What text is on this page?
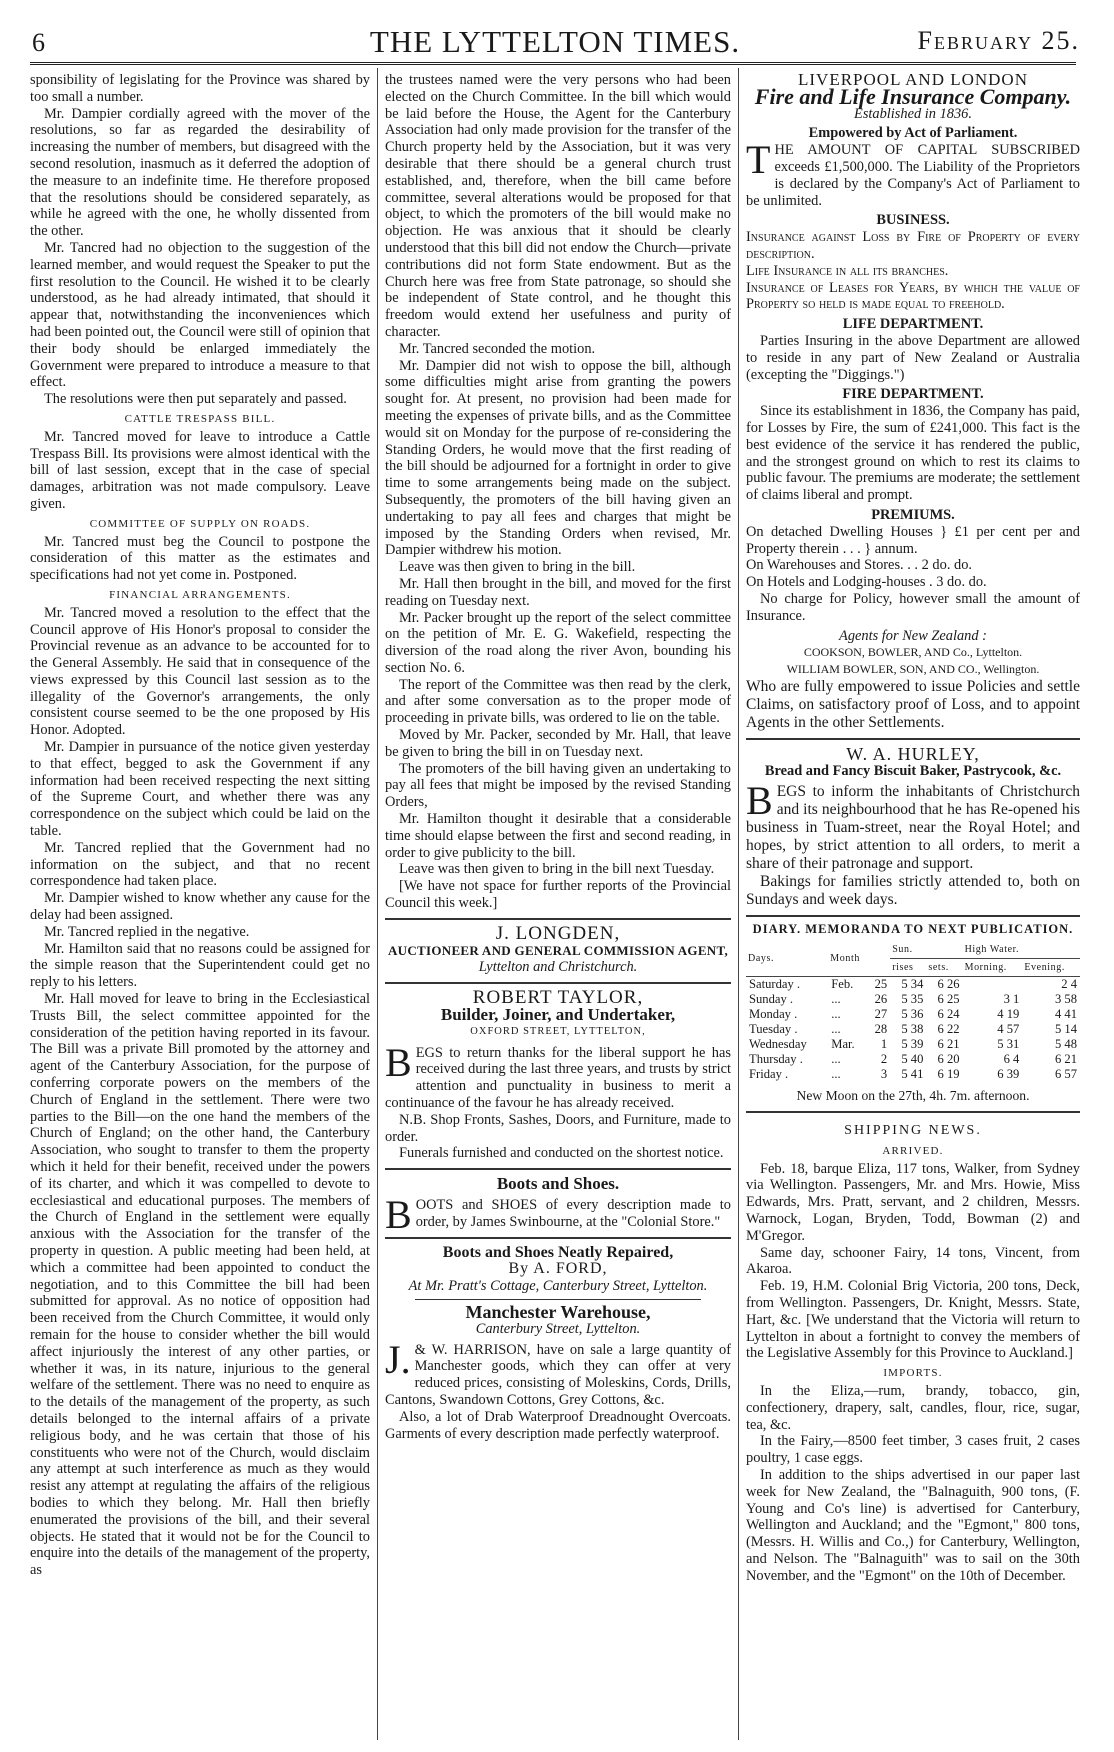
6	THE LYTTELTON TIMES.	February 25.

sponsibility of legislating for the Province was shared by too small a number.

Mr. Dampier cordially agreed with the mover of the resolutions, so far as regarded the desirability of increasing the number of members, but disagreed with the second resolution, inasmuch as it deferred the adoption of the measure to an indefinite time. He therefore proposed that the resolutions should be considered separately, as while he agreed with the one, he wholly dissented from the other.

Mr. Tancred had no objection to the suggestion of the learned member, and would request the Speaker to put the first resolution to the Council. He wished it to be clearly understood, as he had already intimated, that should it appear that, notwithstanding the inconveniences which had been pointed out, the Council were still of opinion that their body should be enlarged immediately the Government were prepared to introduce a measure to that effect.

The resolutions were then put separately and passed.

CATTLE TRESPASS BILL.

Mr. Tancred moved for leave to introduce a Cattle Trespass Bill. Its provisions were almost identical with the bill of last session, except that in the case of special damages, arbitration was not made compulsory. Leave given.

COMMITTEE OF SUPPLY ON ROADS.

Mr. Tancred must beg the Council to postpone the consideration of this matter as the estimates and specifications had not yet come in. Postponed.

FINANCIAL ARRANGEMENTS.

Mr. Tancred moved a resolution to the effect that the Council approve of His Honor's proposal to consider the Provincial revenue as an advance to be accounted for to the General Assembly. He said that in consequence of the views expressed by this Council last session as to the illegality of the Governor's arrangements, the only consistent course seemed to be the one proposed by His Honor. Adopted.

Mr. Dampier in pursuance of the notice given yesterday to that effect, begged to ask the Government if any information had been received respecting the next sitting of the Supreme Court, and whether there was any correspondence on the subject which could be laid on the table.

Mr. Tancred replied that the Government had no information on the subject, and that no recent correspondence had taken place.

Mr. Dampier wished to know whether any cause for the delay had been assigned.

Mr. Tancred replied in the negative.

Mr. Hamilton said that no reasons could be assigned for the simple reason that the Superintendent could get no reply to his letters.

Mr. Hall moved for leave to bring in the Ecclesiastical Trusts Bill, the select committee appointed for the consideration of the petition having reported in its favour. The Bill was a private Bill promoted by the attorney and agent of the Canterbury Association, for the purpose of conferring corporate powers on the members of the Church of England in the settlement. There were two parties to the Bill—on the one hand the members of the Church of England; on the other hand, the Canterbury Association, who sought to transfer to them the property which it held for their benefit, received under the powers of its charter, and which it was compelled to devote to ecclesiastical and educational purposes. The members of the Church of England in the settlement were equally anxious with the Association for the transfer of the property in question. A public meeting had been held, at which a committee had been appointed to conduct the negotiation, and to this Committee the bill had been submitted for approval. As no notice of opposition had been received from the Church Committee, it would only remain for the house to consider whether the bill would affect injuriously the interest of any other parties, or whether it was, in its nature, injurious to the general welfare of the settlement. There was no need to enquire as to the details of the management of the property, as such details belonged to the internal affairs of a private religious body, and he was certain that those of his constituents who were not of the Church, would disclaim any attempt at such interference as much as they would resist any attempt at regulating the affairs of the religious bodies to which they belong. Mr. Hall then briefly enumerated the provisions of the bill, and their several objects. He stated that it would not be for the Council to enquire into the details of the management of the property, as

the trustees named were the very persons who had been elected on the Church Committee. In the bill which would be laid before the House, the Agent for the Canterbury Association had only made provision for the transfer of the Church property held by the Association, but it was very desirable that there should be a general church trust established, and, therefore, when the bill came before committee, several alterations would be proposed for that object, to which the promoters of the bill would make no objection. He was anxious that it should be clearly understood that this bill did not endow the Church—private contributions did not form State endowment. But as the Church here was free from State patronage, so should she be independent of State control, and he thought this freedom would extend her usefulness and purity of character.

Mr. Tancred seconded the motion.

Mr. Dampier did not wish to oppose the bill, although some difficulties might arise from granting the powers sought for. At present, no provision had been made for meeting the expenses of private bills, and as the Committee would sit on Monday for the purpose of re-considering the Standing Orders, he would move that the first reading of the bill should be adjourned for a fortnight in order to give time to some arrangements being made on the subject. Subsequently, the promoters of the bill having given an undertaking to pay all fees and charges that might be imposed by the Standing Orders when revised, Mr. Dampier withdrew his motion.

Leave was then given to bring in the bill.

Mr. Hall then brought in the bill, and moved for the first reading on Tuesday next.

Mr. Packer brought up the report of the select committee on the petition of Mr. E. G. Wakefield, respecting the diversion of the road along the river Avon, bounding his section No. 6.

The report of the Committee was then read by the clerk, and after some conversation as to the proper mode of proceeding in private bills, was ordered to lie on the table.

Moved by Mr. Packer, seconded by Mr. Hall, that leave be given to bring the bill in on Tuesday next.

The promoters of the bill having given an undertaking to pay all fees that might be imposed by the revised Standing Orders,

Mr. Hamilton thought it desirable that a considerable time should elapse between the first and second reading, in order to give publicity to the bill.

Leave was then given to bring in the bill next Tuesday.

[We have not space for further reports of the Provincial Council this week.]

J. LONGDEN,
AUCTIONEER AND GENERAL COMMISSION AGENT,
Lyttelton and Christchurch.
ROBERT TAYLOR,
Builder, Joiner, and Undertaker,
OXFORD STREET, LYTTELTON,

BEGS to return thanks for the liberal support he has received during the last three years, and trusts by strict attention and punctuality in business to merit a continuance of the favour he has already received.

N.B. Shop Fronts, Sashes, Doors, and Furniture, made to order.

Funerals furnished and conducted on the shortest notice.

Boots and Shoes.

BOOTS and SHOES of every description made to order, by James Swinbourne, at the "Colonial Store."

Boots and Shoes Neatly Repaired,
By A. FORD,
At Mr. Pratt's Cottage, Canterbury Street, Lyttelton.
Manchester Warehouse,
Canterbury Street, Lyttelton.

J. & W. HARRISON, have on sale a large quantity of Manchester goods, which they can offer at very reduced prices, consisting of Moleskins, Cords, Drills, Cantons, Swandown Cottons, Grey Cottons, &c.

Also, a lot of Drab Waterproof Dreadnought Overcoats. Garments of every description made perfectly waterproof.

LIVERPOOL AND LONDON
Fire and Life Insurance Company.
Established in 1836.
Empowered by Act of Parliament.

THE AMOUNT OF CAPITAL SUBSCRIBED exceeds £1,500,000. The Liability of the Proprietors is declared by the Company's Act of Parliament to be unlimited.

BUSINESS.

Insurance against Loss by Fire of Property of every description.

Life Insurance in all its branches.

Insurance of Leases for Years, by which the value of Property so held is made equal to freehold.

LIFE DEPARTMENT.

Parties Insuring in the above Department are allowed to reside in any part of New Zealand or Australia (excepting the "Diggings.")

FIRE DEPARTMENT.

Since its establishment in 1836, the Company has paid, for Losses by Fire, the sum of £241,000. This fact is the best evidence of the service it has rendered the public, and the strongest ground on which to rest its claims to public favour. The premiums are moderate; the settlement of claims liberal and prompt.

PREMIUMS.

On detached Dwelling Houses } £1 per cent per and Property therein . . . } annum.

On Warehouses and Stores. . . 2 do. do.

On Hotels and Lodging-houses . 3 do. do.

No charge for Policy, however small the amount of Insurance.

Agents for New Zealand :
COOKSON, BOWLER, AND Co., Lyttelton.
WILLIAM BOWLER, SON, AND CO., Wellington.

Who are fully empowered to issue Policies and settle Claims, on satisfactory proof of Loss, and to appoint Agents in the other Settlements.

W. A. HURLEY,
Bread and Fancy Biscuit Baker, Pastrycook, &c.

BEGS to inform the inhabitants of Christchurch and its neighbourhood that he has Re-opened his business in Tuam-street, near the Royal Hotel; and hopes, by strict attention to all orders, to merit a share of their patronage and support.

Bakings for families strictly attended to, both on Sundays and week days.

DIARY. MEMORANDA TO NEXT PUBLICATION.
Days.	Month		Sun.		High Water.	
			rises	sets.	Morning.	Evening.
Saturday .	Feb.	25	5 34	6 26		2 4
Sunday .	...	26	5 35	6 25	3 1	3 58
Monday .	...	27	5 36	6 24	4 19	4 41
Tuesday .	...	28	5 38	6 22	4 57	5 14
Wednesday	Mar.	1	5 39	6 21	5 31	5 48
Thursday .	...	2	5 40	6 20	6 4	6 21
Friday .	...	3	5 41	6 19	6 39	6 57
New Moon on the 27th, 4h. 7m. afternoon.
SHIPPING NEWS.
ARRIVED.

Feb. 18, barque Eliza, 117 tons, Walker, from Sydney via Wellington. Passengers, Mr. and Mrs. Howie, Miss Edwards, Mrs. Pratt, servant, and 2 children, Messrs. Warnock, Logan, Bryden, Todd, Bowman (2) and M'Gregor.

Same day, schooner Fairy, 14 tons, Vincent, from Akaroa.

Feb. 19, H.M. Colonial Brig Victoria, 200 tons, Deck, from Wellington. Passengers, Dr. Knight, Messrs. State, Hart, &c. [We understand that the Victoria will return to Lyttelton in about a fortnight to convey the members of the Legislative Assembly for this Province to Auckland.]

IMPORTS.

In the Eliza,—rum, brandy, tobacco, gin, confectionery, drapery, salt, candles, flour, rice, sugar, tea, &c.

In the Fairy,—8500 feet timber, 3 cases fruit, 2 cases poultry, 1 case eggs.

In addition to the ships advertised in our paper last week for New Zealand, the "Balnaguith, 900 tons, (F. Young and Co's line) is advertised for Canterbury, Wellington and Auckland; and the "Egmont," 800 tons, (Messrs. H. Willis and Co.,) for Canterbury, Wellington, and Nelson. The "Balnaguith" was to sail on the 30th November, and the "Egmont" on the 10th of December.
